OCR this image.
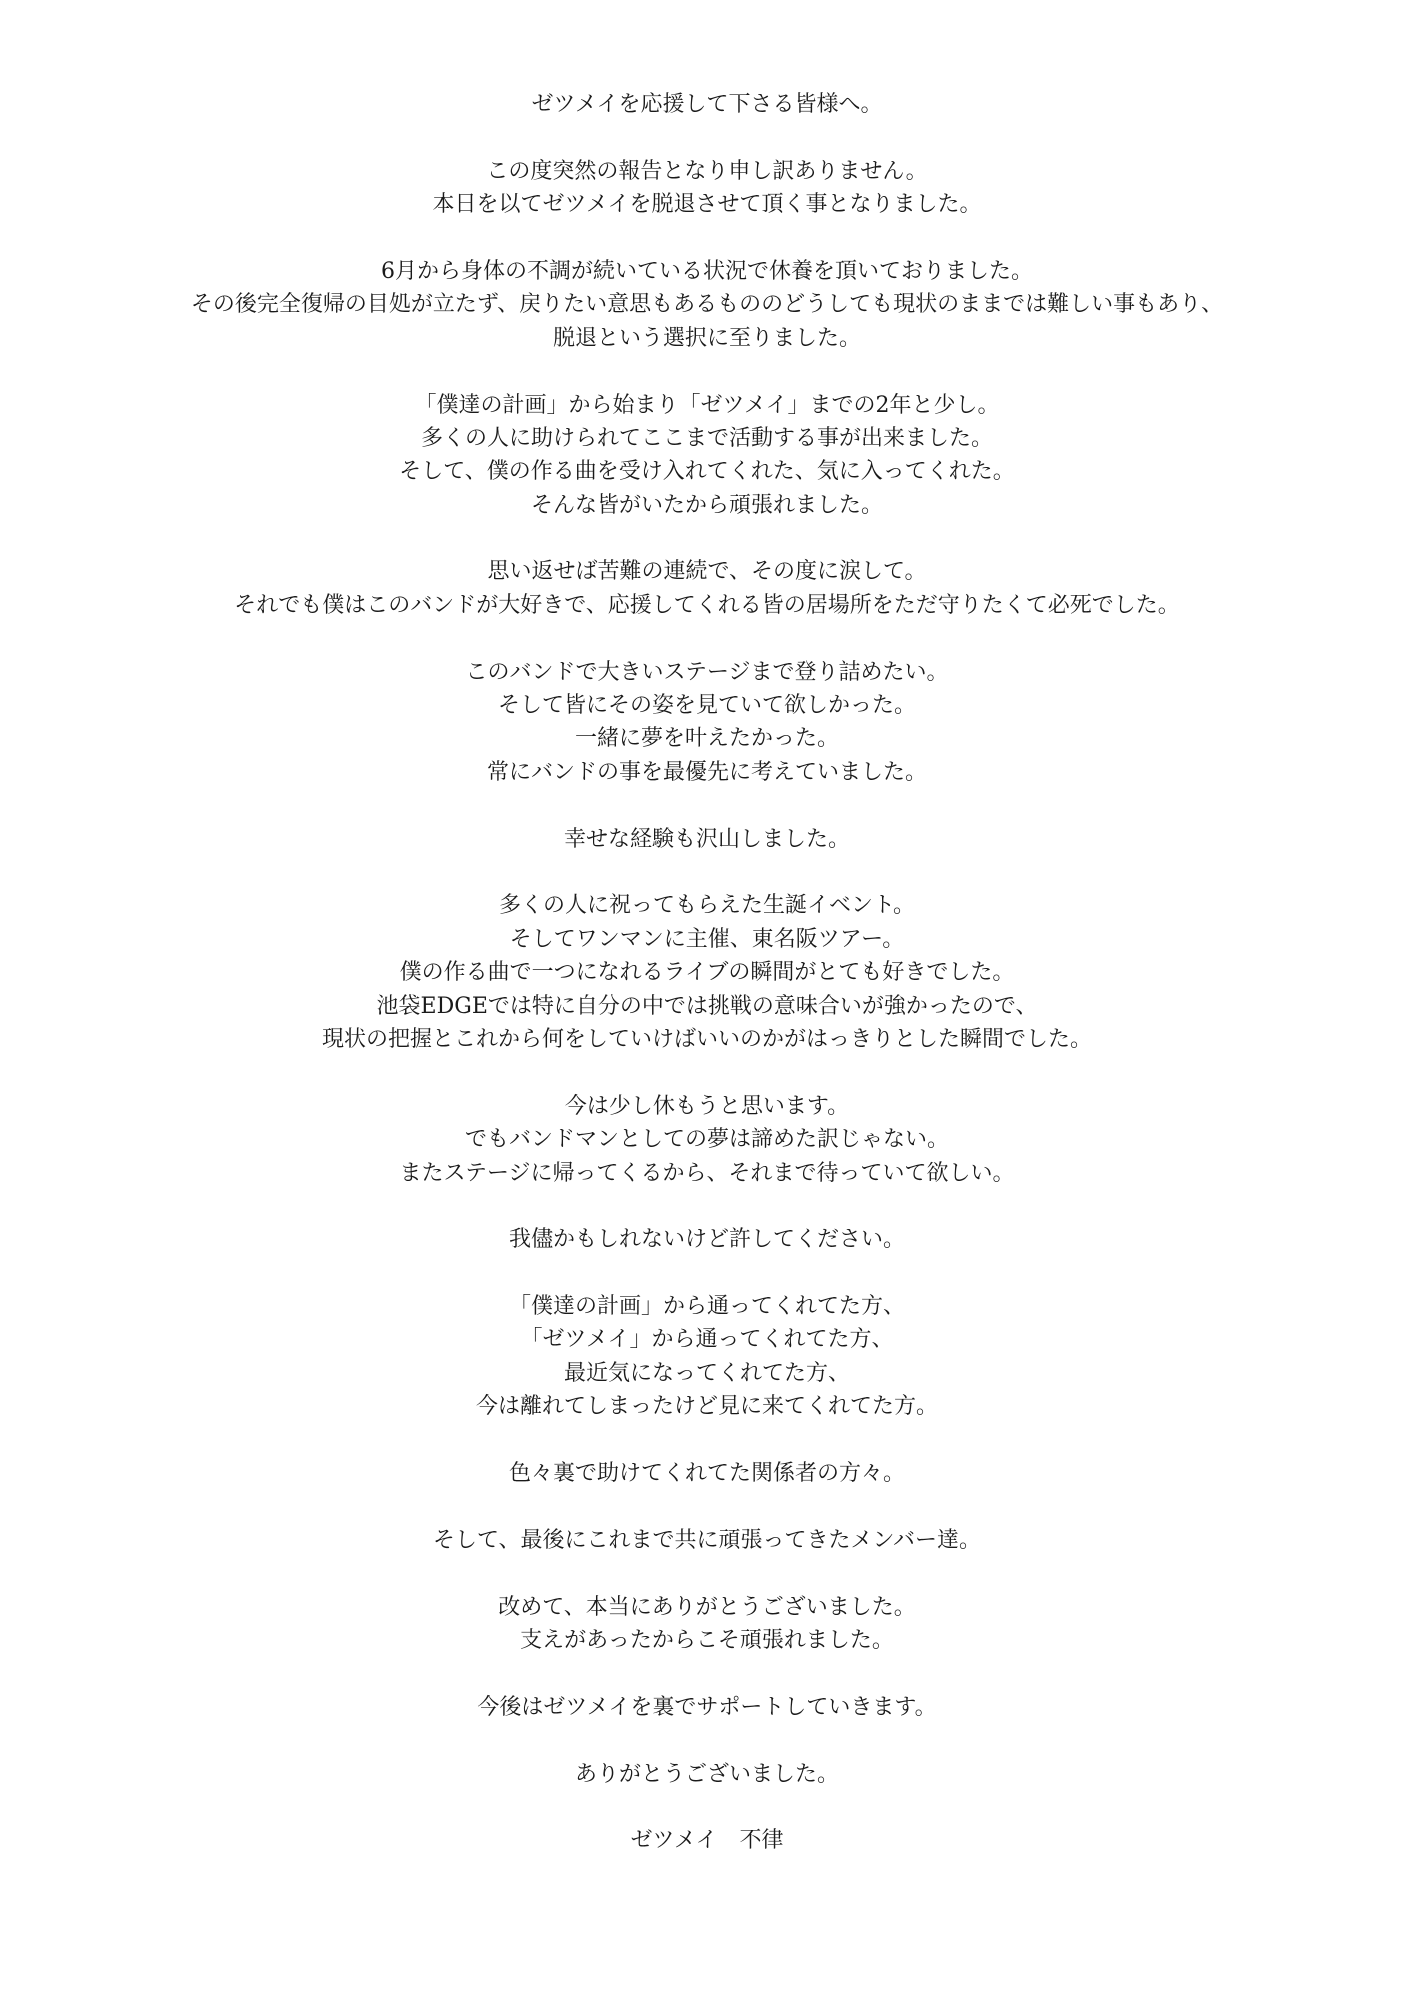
ゼツメイを応援して下さる皆様へ。

この度突然の報告となり申し訳ありません。
本日を以てゼツメイを脱退させて頂く事となりました。

6月から身体の不調が続いている状況で休養を頂いておりました。
その後完全復帰の目処が立たず、戻りたい意思もあるもののどうしても現状のままでは難しい事もあり、
脱退という選択に至りました。

「僕達の計画」から始まり「ゼツメイ」までの2年と少し。
多くの人に助けられてここまで活動する事が出来ました。
そして、僕の作る曲を受け入れてくれた、気に入ってくれた。
そんな皆がいたから頑張れました。

思い返せば苦難の連続で、その度に涙して。
それでも僕はこのバンドが大好きで、応援してくれる皆の居場所をただ守りたくて必死でした。

このバンドで大きいステージまで登り詰めたい。
そして皆にその姿を見ていて欲しかった。
一緒に夢を叶えたかった。
常にバンドの事を最優先に考えていました。

幸せな経験も沢山しました。

多くの人に祝ってもらえた生誕イベント。
そしてワンマンに主催、東名阪ツアー。
僕の作る曲で一つになれるライブの瞬間がとても好きでした。
池袋EDGEでは特に自分の中では挑戦の意味合いが強かったので、
現状の把握とこれから何をしていけばいいのかがはっきりとした瞬間でした。

今は少し休もうと思います。
でもバンドマンとしての夢は諦めた訳じゃない。
またステージに帰ってくるから、それまで待っていて欲しい。

我儘かもしれないけど許してください。

「僕達の計画」から通ってくれてた方、
「ゼツメイ」から通ってくれてた方、
最近気になってくれてた方、
今は離れてしまったけど見に来てくれてた方。

色々裏で助けてくれてた関係者の方々。

そして、最後にこれまで共に頑張ってきたメンバー達。

改めて、本当にありがとうございました。
支えがあったからこそ頑張れました。

今後はゼツメイを裏でサポートしていきます。

ありがとうございました。

ゼツメイ　不律
